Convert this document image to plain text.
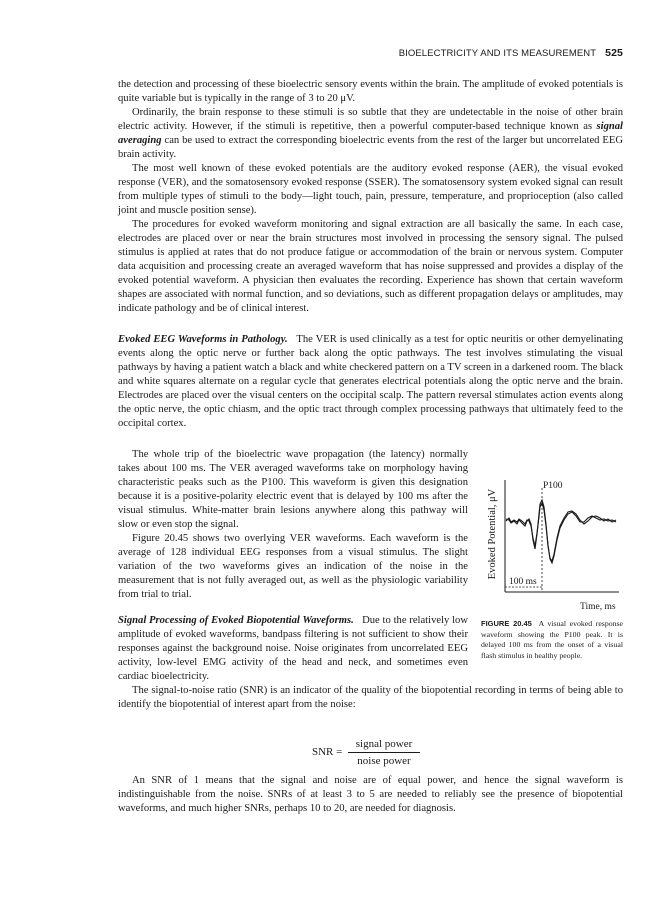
BIOELECTRICITY AND ITS MEASUREMENT 525

the detection and processing of these bioelectric sensory events within the brain. The amplitude of evoked potentials is quite variable but is typically in the range of 3 to 20 μV.

Ordinarily, the brain response to these stimuli is so subtle that they are undetectable in the noise of other brain electric activity. However, if the stimuli is repetitive, then a powerful computer-based technique known as signal averaging can be used to extract the corresponding bioelectric events from the rest of the larger but uncorrelated EEG brain activity.

The most well known of these evoked potentials are the auditory evoked response (AER), the visual evoked response (VER), and the somatosensory evoked response (SSER). The somatosensory system evoked signal can result from multiple types of stimuli to the body—light touch, pain, pressure, temperature, and proprioception (also called joint and muscle position sense).

The procedures for evoked waveform monitoring and signal extraction are all basically the same. In each case, electrodes are placed over or near the brain structures most involved in processing the sensory signal. The pulsed stimulus is applied at rates that do not produce fatigue or accommodation of the brain or nervous system. Computer data acquisition and processing create an averaged waveform that has noise suppressed and provides a display of the evoked potential waveform. A physician then evaluates the recording. Experience has shown that certain waveform shapes are associated with normal function, and so deviations, such as different propagation delays or amplitudes, may indicate pathology and be of clinical interest.

Evoked EEG Waveforms in Pathology. The VER is used clinically as a test for optic neuritis or other demyelinating events along the optic nerve or further back along the optic pathways. The test involves stimulating the visual pathways by having a patient watch a black and white checkered pattern on a TV screen in a darkened room. The black and white squares alternate on a regular cycle that generates electrical potentials along the optic nerve and the brain. Electrodes are placed over the visual centers on the occipital scalp. The pattern reversal stimulates action events along the optic nerve, the optic chiasm, and the optic tract through complex processing pathways that ultimately feed to the occipital cortex.

The whole trip of the bioelectric wave propagation (the latency) normally takes about 100 ms. The VER averaged waveforms take on morphology having characteristic peaks such as the P100. This waveform is given this designation because it is a positive-polarity electric event that is delayed by 100 ms after the visual stimulus. White-matter brain lesions anywhere along this pathway will slow or even stop the signal.

Figure 20.45 shows two overlying VER waveforms. Each waveform is the average of 128 individual EEG responses from a visual stimulus. The slight variation of the two waveforms gives an indication of the noise in the measurement that is not fully averaged out, as well as the physiologic variability from trial to trial.

Signal Processing of Evoked Biopotential Waveforms. Due to the relatively low amplitude of evoked waveforms, bandpass filtering is not sufficient to show their responses against the background noise. Noise originates from uncorrelated EEG activity, low-level EMG activity of the head and neck, and sometimes even cardiac bioelectricity.

The signal-to-noise ratio (SNR) is an indicator of the quality of the biopotential recording in terms of being able to identify the biopotential of interest apart from the noise:

SNR =
signal power
noise power

An SNR of 1 means that the signal and noise are of equal power, and hence the signal waveform is indistinguishable from the noise. SNRs of at least 3 to 5 are needed to reliably see the presence of biopotential waveforms, and much higher SNRs, perhaps 10 to 20, are needed for diagnosis.

Evoked Potential, μV
P100
100 ms
Time, ms
FIGURE 20.45 A visual evoked response waveform showing the P100 peak. It is delayed 100 ms from the onset of a visual flash stimulus in healthy people.
